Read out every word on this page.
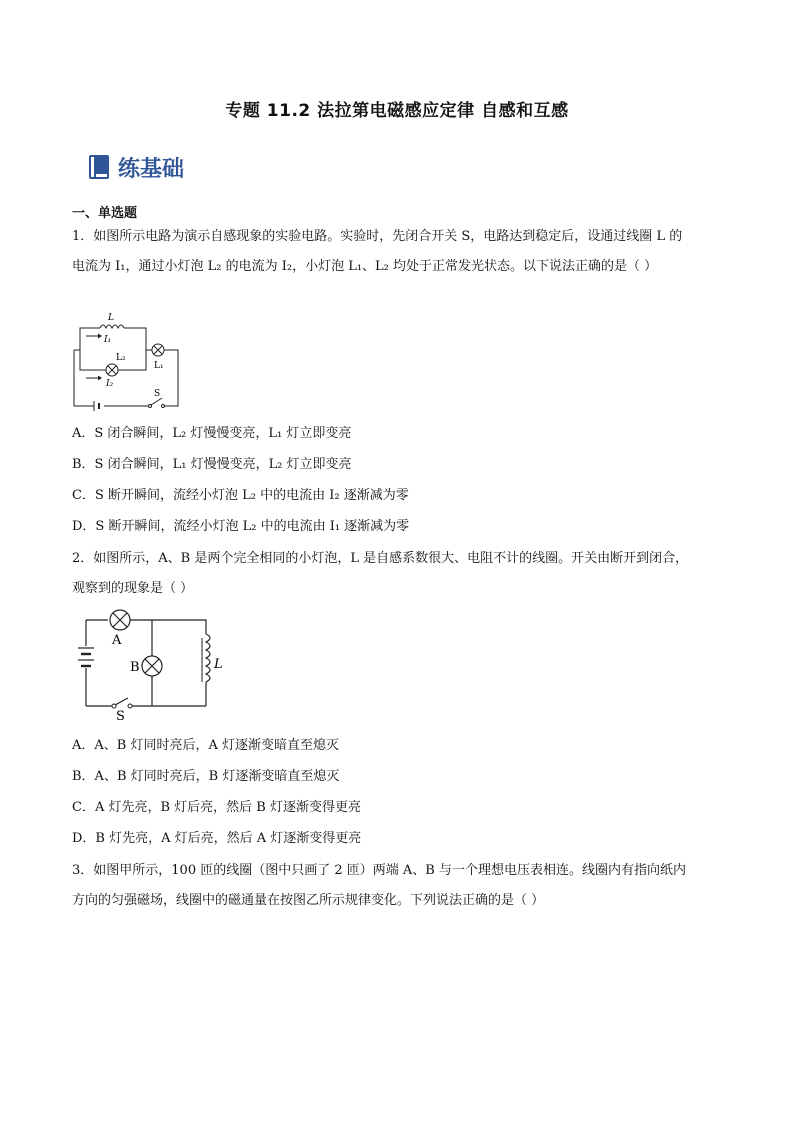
专题 11.2 法拉第电磁感应定律 自感和互感
练基础
一、单选题
1．如图所示电路为演示自感现象的实验电路。实验时，先闭合开关 S，电路达到稳定后，设通过线圈 L 的
电流为 I₁，通过小灯泡 L₂ 的电流为 I₂，小灯泡 L₁、L₂ 均处于正常发光状态。以下说法正确的是（ ）
S
L
I₁
L₁
L₂
I₂
A．S 闭合瞬间，L₂ 灯慢慢变亮，L₁ 灯立即变亮
B．S 闭合瞬间，L₁ 灯慢慢变亮，L₂ 灯立即变亮
C．S 断开瞬间，流经小灯泡 L₂ 中的电流由 I₂ 逐渐减为零
D．S 断开瞬间，流经小灯泡 L₂ 中的电流由 I₁ 逐渐减为零
2．如图所示，A、B 是两个完全相同的小灯泡，L 是自感系数很大、电阻不计的线圈。开关由断开到闭合，
观察到的现象是（ ）
A
B	L
S
A．A、B 灯同时亮后，A 灯逐渐变暗直至熄灭
B．A、B 灯同时亮后，B 灯逐渐变暗直至熄灭
C．A 灯先亮，B 灯后亮，然后 B 灯逐渐变得更亮
D．B 灯先亮，A 灯后亮，然后 A 灯逐渐变得更亮
3．如图甲所示，100 匝的线圈（图中只画了 2 匝）两端 A、B 与一个理想电压表相连。线圈内有指向纸内
方向的匀强磁场，线圈中的磁通量在按图乙所示规律变化。下列说法正确的是（ ）
